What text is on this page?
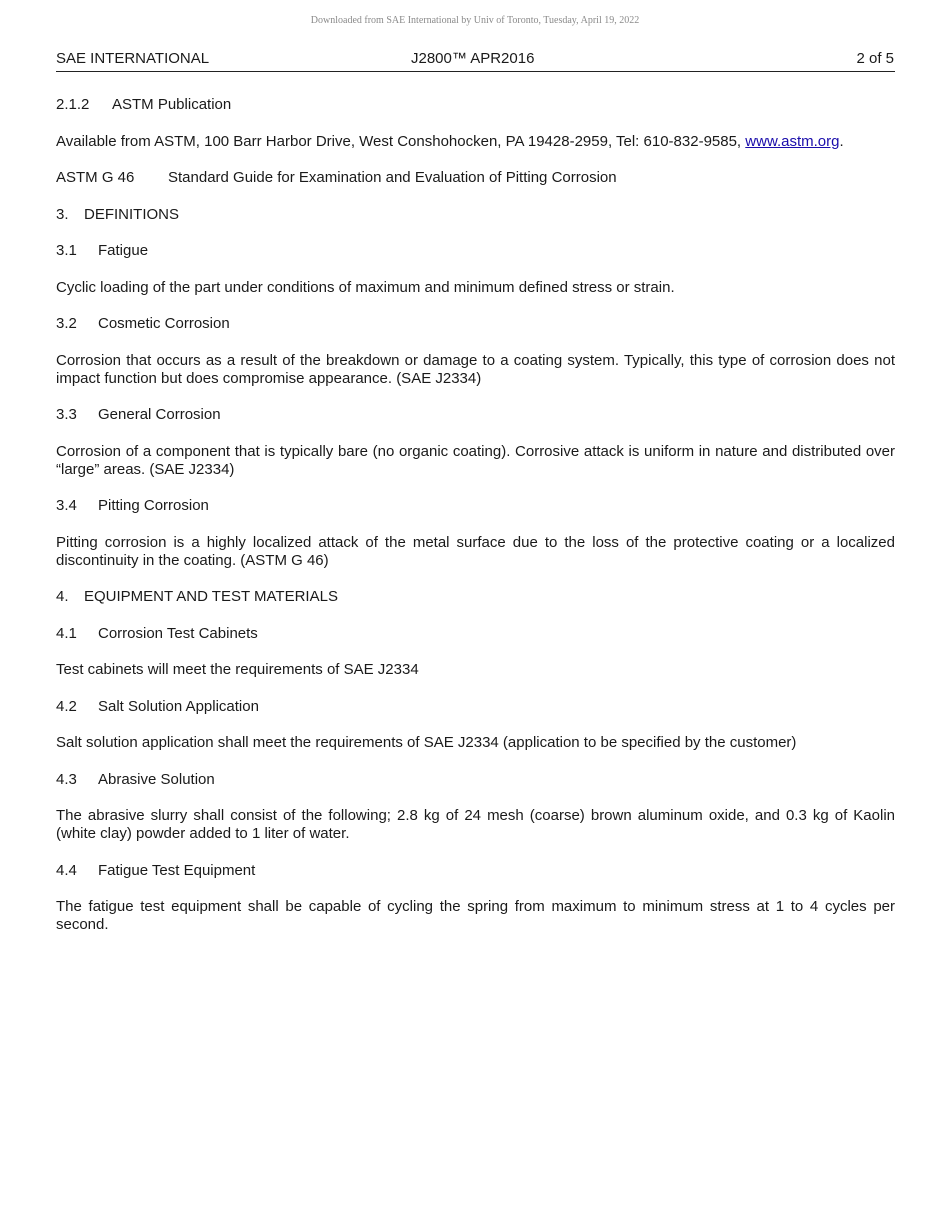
Downloaded from SAE International by Univ of Toronto, Tuesday, April 19, 2022
SAE INTERNATIONAL	J2800™ APR2016	2 of 5

2.1.2 ASTM Publication

Available from ASTM, 100 Barr Harbor Drive, West Conshohocken, PA 19428-2959, Tel: 610-832-9585, www.astm.org.

ASTM G 46 Standard Guide for Examination and Evaluation of Pitting Corrosion

3. DEFINITIONS

3.1 Fatigue

Cyclic loading of the part under conditions of maximum and minimum defined stress or strain.

3.2 Cosmetic Corrosion

Corrosion that occurs as a result of the breakdown or damage to a coating system. Typically, this type of corrosion does not impact function but does compromise appearance. (SAE J2334)

3.3 General Corrosion

Corrosion of a component that is typically bare (no organic coating). Corrosive attack is uniform in nature and distributed over “large” areas. (SAE J2334)

3.4 Pitting Corrosion

Pitting corrosion is a highly localized attack of the metal surface due to the loss of the protective coating or a localized discontinuity in the coating. (ASTM G 46)

4. EQUIPMENT AND TEST MATERIALS

4.1 Corrosion Test Cabinets

Test cabinets will meet the requirements of SAE J2334

4.2 Salt Solution Application

Salt solution application shall meet the requirements of SAE J2334 (application to be specified by the customer)

4.3 Abrasive Solution

The abrasive slurry shall consist of the following; 2.8 kg of 24 mesh (coarse) brown aluminum oxide, and 0.3 kg of Kaolin (white clay) powder added to 1 liter of water.

4.4 Fatigue Test Equipment

The fatigue test equipment shall be capable of cycling the spring from maximum to minimum stress at 1 to 4 cycles per second.
